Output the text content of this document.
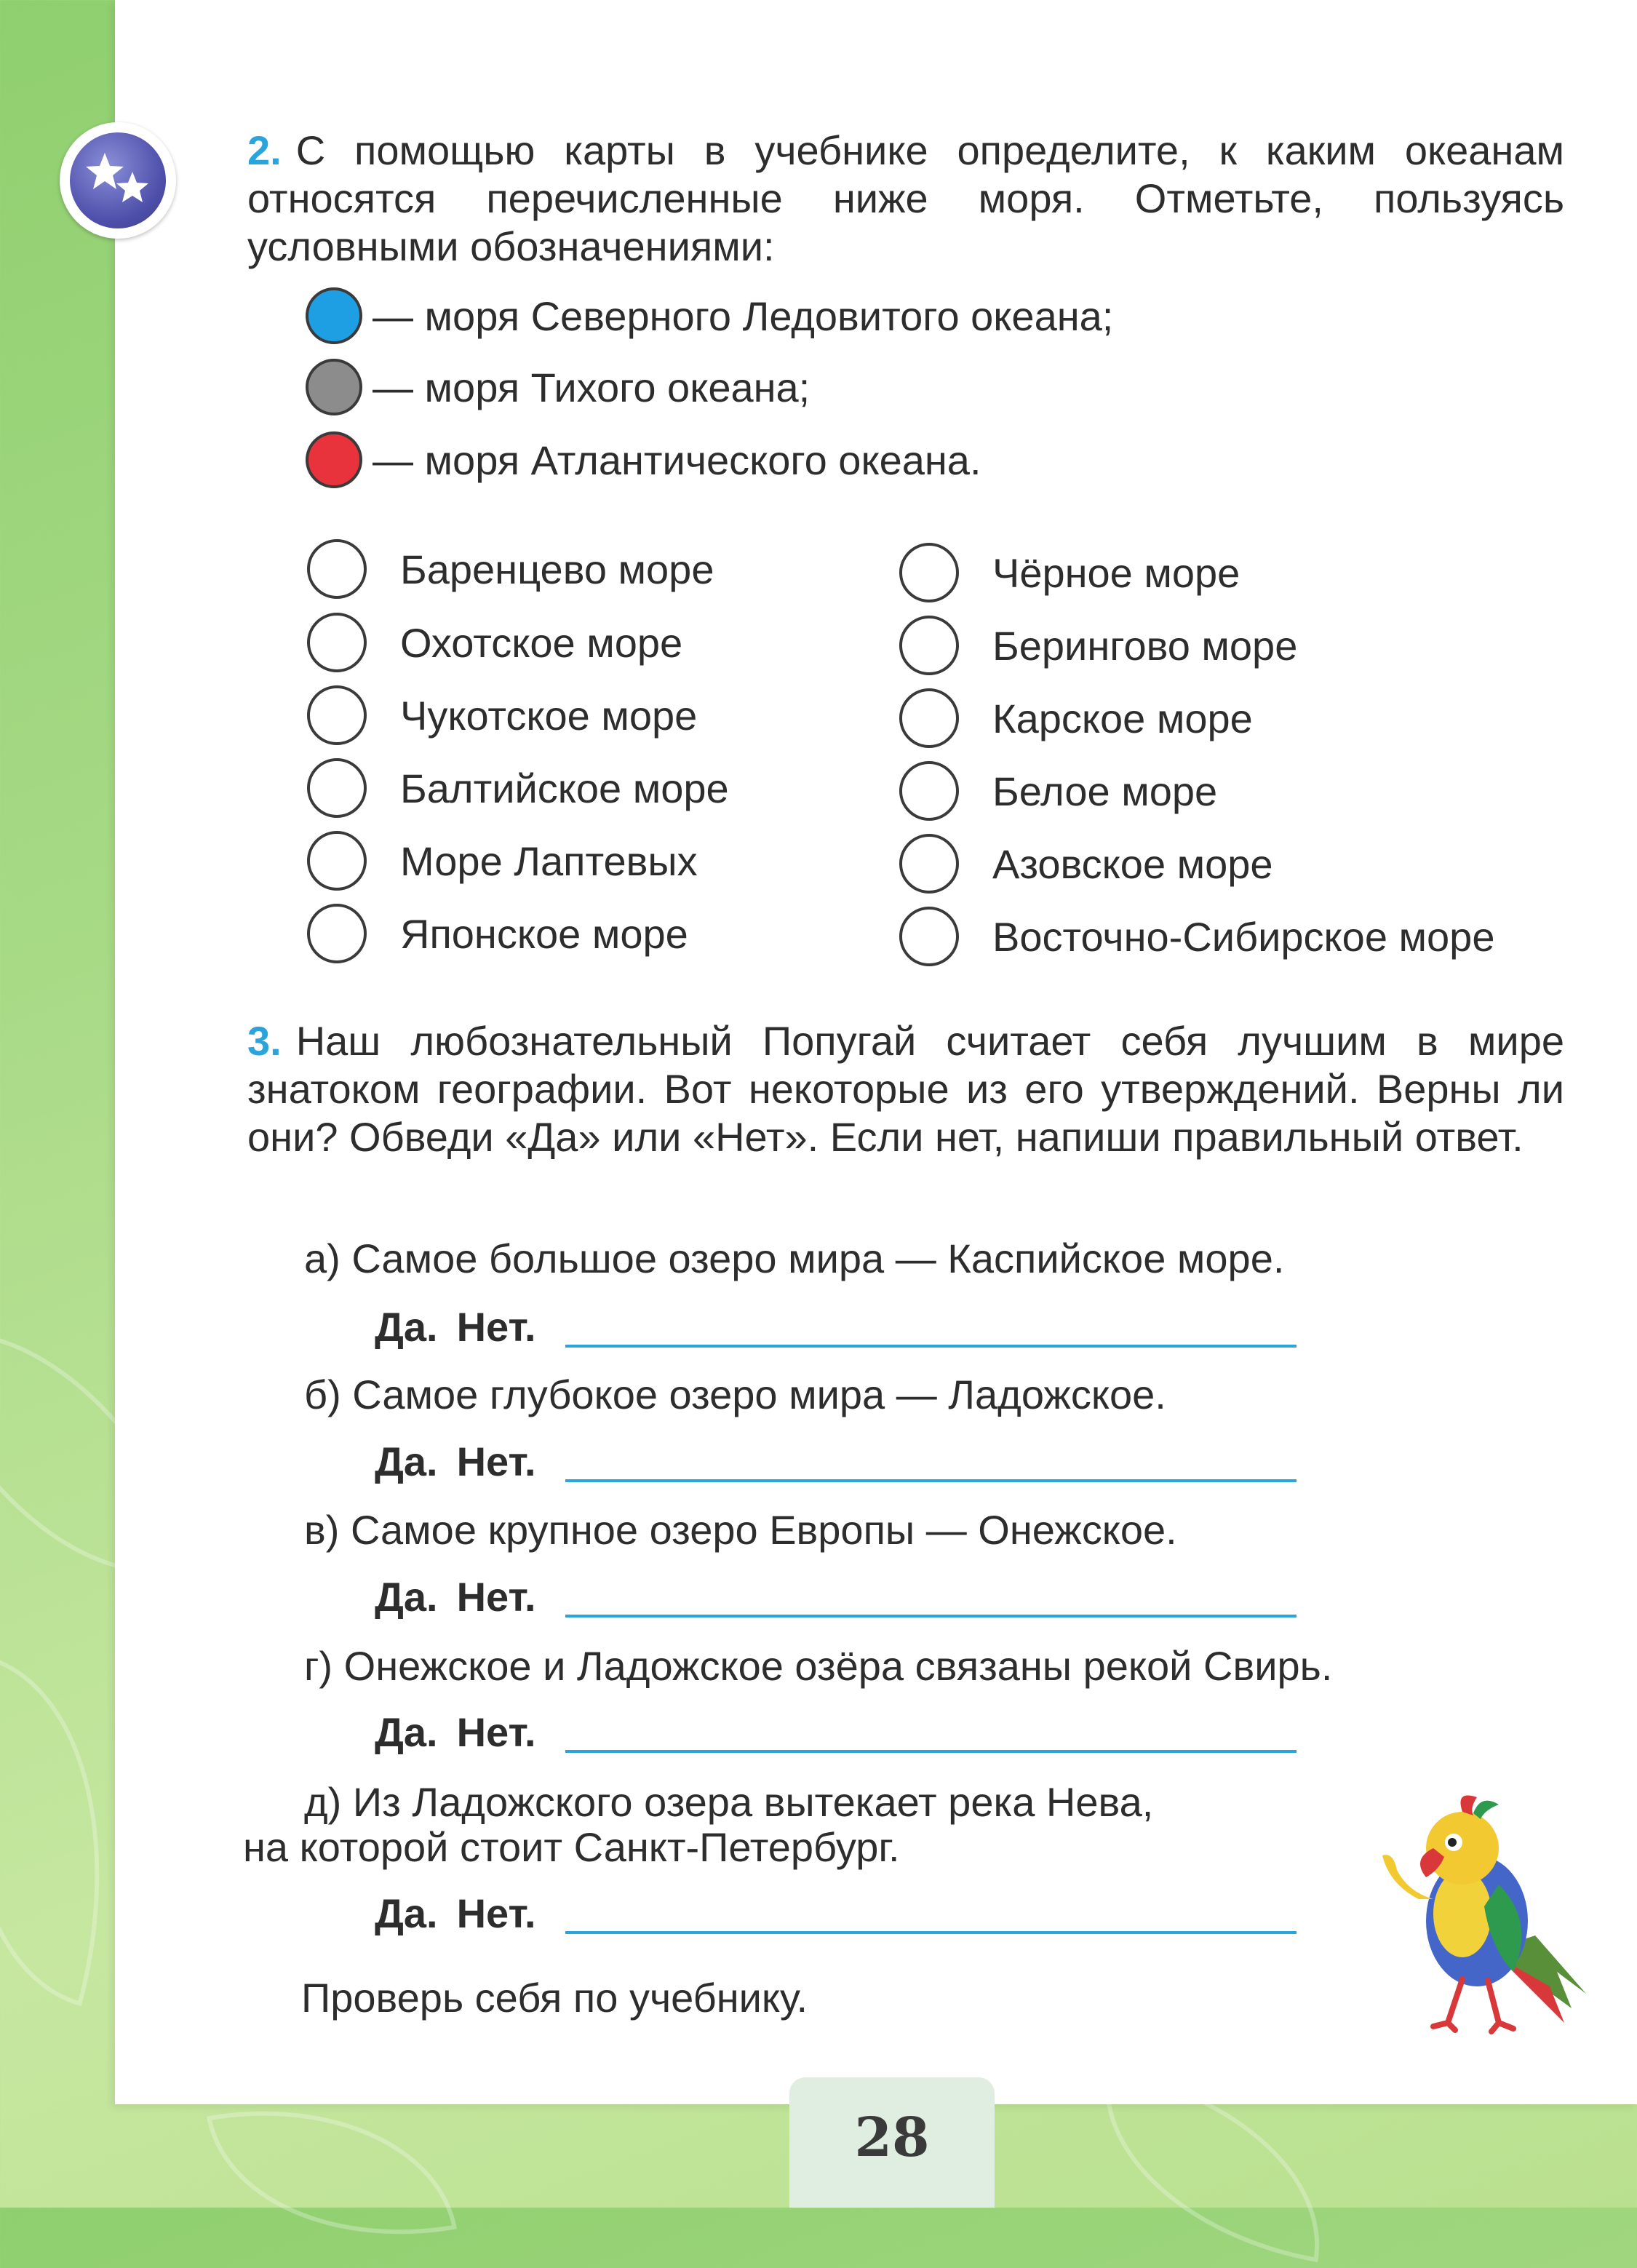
2. С помощью карты в учебнике определите, к каким океанам относятся перечисленные ниже моря. Отметьте, пользуясь условными обозначениями:
— моря Северного Ледовитого океана;
— моря Тихого океана;
— моря Атлантического океана.
Баренцево море
Охотское море
Чукотское море
Балтийское море
Море Лаптевых
Японское море
Чёрное море
Берингово море
Карское море
Белое море
Азовское море
Восточно-Сибирское море
3. Наш любознательный Попугай считает себя лучшим в мире знатоком географии. Вот некоторые из его утверждений. Верны ли они? Обведи «Да» или «Нет». Если нет, напиши правильный ответ.
а) Самое большое озеро мира — Каспийское море.
Да. Нет.
б) Самое глубокое озеро мира — Ладожское.
Да. Нет.
в) Самое крупное озеро Европы — Онежское.
Да. Нет.
г) Онежское и Ладожское озёра связаны рекой Свирь.
Да. Нет.
д) Из Ладожского озера вытекает река Нева,
на которой стоит Санкт-Петербург.
Да. Нет.
Проверь себя по учебнику.
28
